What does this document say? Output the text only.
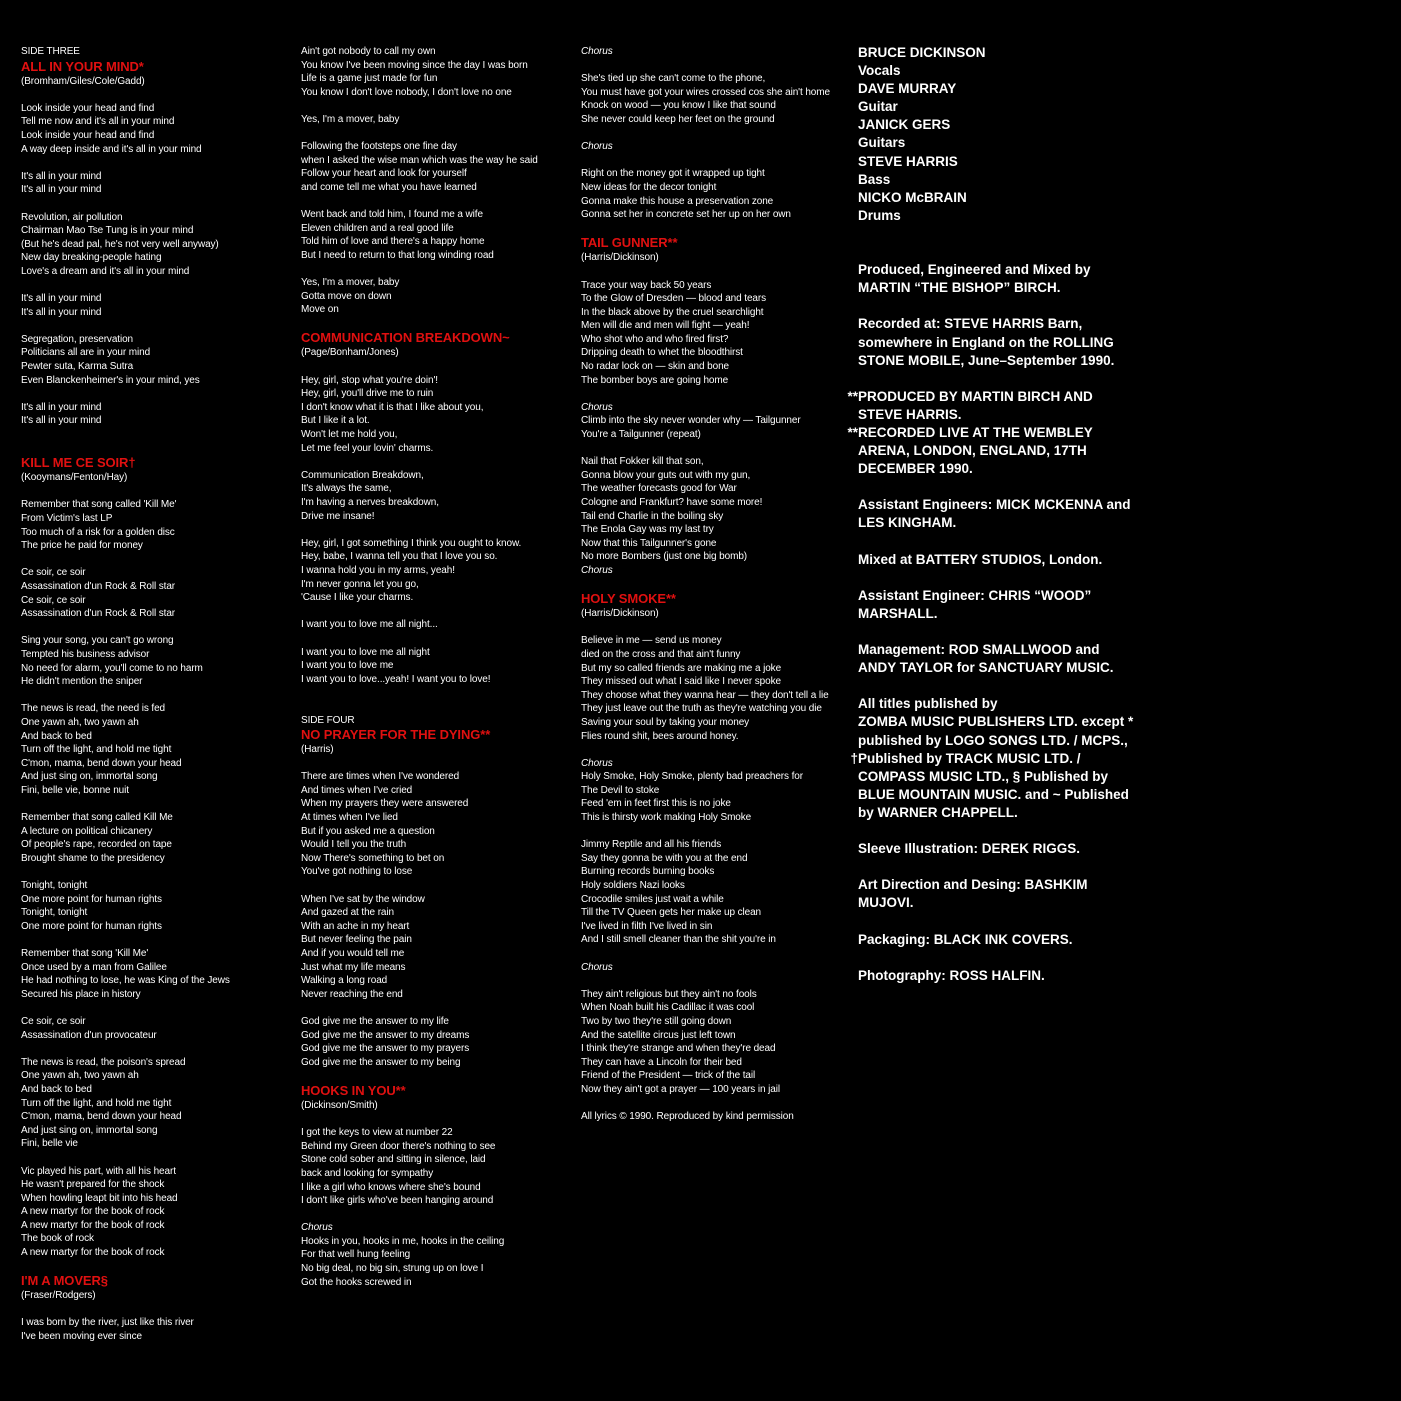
SIDE THREE
ALL IN YOUR MIND*
(Bromham/Giles/Cole/Gadd)
Look inside your head and find
Tell me now and it's all in your mind
Look inside your head and find
A way deep inside and it's all in your mind
It's all in your mind
It's all in your mind
Revolution, air pollution
Chairman Mao Tse Tung is in your mind
(But he's dead pal, he's not very well anyway)
New day breaking-people hating
Love's a dream and it's all in your mind
It's all in your mind
It's all in your mind
Segregation, preservation
Politicians all are in your mind
Pewter suta, Karma Sutra
Even Blanckenheimer's in your mind, yes
It's all in your mind
It's all in your mind
KILL ME CE SOIR†
(Kooymans/Fenton/Hay)
Remember that song called 'Kill Me'
From Victim's last LP
Too much of a risk for a golden disc
The price he paid for money
Ce soir, ce soir
Assassination d'un Rock & Roll star
Ce soir, ce soir
Assassination d'un Rock & Roll star
Sing your song, you can't go wrong
Tempted his business advisor
No need for alarm, you'll come to no harm
He didn't mention the sniper
The news is read, the need is fed
One yawn ah, two yawn ah
And back to bed
Turn off the light, and hold me tight
C'mon, mama, bend down your head
And just sing on, immortal song
Fini, belle vie, bonne nuit
Remember that song called Kill Me
A lecture on political chicanery
Of people's rape, recorded on tape
Brought shame to the presidency
Tonight, tonight
One more point for human rights
Tonight, tonight
One more point for human rights
Remember that song 'Kill Me'
Once used by a man from Galilee
He had nothing to lose, he was King of the Jews
Secured his place in history
Ce soir, ce soir
Assassination d'un provocateur
The news is read, the poison's spread
One yawn ah, two yawn ah
And back to bed
Turn off the light, and hold me tight
C'mon, mama, bend down your head
And just sing on, immortal song
Fini, belle vie
Vic played his part, with all his heart
He wasn't prepared for the shock
When howling leapt bit into his head
A new martyr for the book of rock
A new martyr for the book of rock
The book of rock
A new martyr for the book of rock
I'M A MOVER§
(Fraser/Rodgers)
I was born by the river, just like this river
I've been moving ever since
Ain't got nobody to call my own
You know I've been moving since the day I was born
Life is a game just made for fun
You know I don't love nobody, I don't love no one
Yes, I'm a mover, baby
Following the footsteps one fine day
when I asked the wise man which was the way he said
Follow your heart and look for yourself
and come tell me what you have learned
Went back and told him, I found me a wife
Eleven children and a real good life
Told him of love and there's a happy home
But I need to return to that long winding road
Yes, I'm a mover, baby
Gotta move on down
Move on
COMMUNICATION BREAKDOWN~
(Page/Bonham/Jones)
Hey, girl, stop what you're doin'!
Hey, girl, you'll drive me to ruin
I don't know what it is that I like about you,
But I like it a lot.
Won't let me hold you,
Let me feel your lovin' charms.
Communication Breakdown,
It's always the same,
I'm having a nerves breakdown,
Drive me insane!
Hey, girl, I got something I think you ought to know.
Hey, babe, I wanna tell you that I love you so.
I wanna hold you in my arms, yeah!
I'm never gonna let you go,
'Cause I like your charms.
I want you to love me all night...
I want you to love me all night
I want you to love me
I want you to love...yeah! I want you to love!
SIDE FOUR
NO PRAYER FOR THE DYING**
(Harris)
There are times when I've wondered
And times when I've cried
When my prayers they were answered
At times when I've lied
But if you asked me a question
Would I tell you the truth
Now There's something to bet on
You've got nothing to lose
When I've sat by the window
And gazed at the rain
With an ache in my heart
But never feeling the pain
And if you would tell me
Just what my life means
Walking a long road
Never reaching the end
God give me the answer to my life
God give me the answer to my dreams
God give me the answer to my prayers
God give me the answer to my being
HOOKS IN YOU**
(Dickinson/Smith)
I got the keys to view at number 22
Behind my Green door there's nothing to see
Stone cold sober and sitting in silence, laid
back and looking for sympathy
I like a girl who knows where she's bound
I don't like girls who've been hanging around
Chorus
Hooks in you, hooks in me, hooks in the ceiling
For that well hung feeling
No big deal, no big sin, strung up on love I
Got the hooks screwed in
Chorus
She's tied up she can't come to the phone,
You must have got your wires crossed cos she ain't home
Knock on wood — you know I like that sound
She never could keep her feet on the ground
Chorus
Right on the money got it wrapped up tight
New ideas for the decor tonight
Gonna make this house a preservation zone
Gonna set her in concrete set her up on her own
TAIL GUNNER**
(Harris/Dickinson)
Trace your way back 50 years
To the Glow of Dresden — blood and tears
In the black above by the cruel searchlight
Men will die and men will fight — yeah!
Who shot who and who fired first?
Dripping death to whet the bloodthirst
No radar lock on — skin and bone
The bomber boys are going home
Chorus
Climb into the sky never wonder why — Tailgunner
You're a Tailgunner (repeat)
Nail that Fokker kill that son,
Gonna blow your guts out with my gun,
The weather forecasts good for War
Cologne and Frankfurt? have some more!
Tail end Charlie in the boiling sky
The Enola Gay was my last try
Now that this Tailgunner's gone
No more Bombers (just one big bomb)
Chorus
HOLY SMOKE**
(Harris/Dickinson)
Believe in me — send us money
died on the cross and that ain't funny
But my so called friends are making me a joke
They missed out what I said like I never spoke
They choose what they wanna hear — they don't tell a lie
They just leave out the truth as they're watching you die
Saving your soul by taking your money
Flies round shit, bees around honey.
Chorus
Holy Smoke, Holy Smoke, plenty bad preachers for
The Devil to stoke
Feed 'em in feet first this is no joke
This is thirsty work making Holy Smoke
Jimmy Reptile and all his friends
Say they gonna be with you at the end
Burning records burning books
Holy soldiers Nazi looks
Crocodile smiles just wait a while
Till the TV Queen gets her make up clean
I've lived in filth I've lived in sin
And I still smell cleaner than the shit you're in
Chorus
They ain't religious but they ain't no fools
When Noah built his Cadillac it was cool
Two by two they're still going down
And the satellite circus just left town
I think they're strange and when they're dead
They can have a Lincoln for their bed
Friend of the President — trick of the tail
Now they ain't got a prayer — 100 years in jail
All lyrics © 1990. Reproduced by kind permission
BRUCE DICKINSON
Vocals
DAVE MURRAY
Guitar
JANICK GERS
Guitars
STEVE HARRIS
Bass
NICKO McBRAIN
Drums
Produced, Engineered and Mixed by
MARTIN “THE BISHOP” BIRCH.
Recorded at: STEVE HARRIS Barn,
somewhere in England on the ROLLING
STONE MOBILE, June–September 1990.
**PRODUCED BY MARTIN BIRCH AND
STEVE HARRIS.
**RECORDED LIVE AT THE WEMBLEY
ARENA, LONDON, ENGLAND, 17TH
DECEMBER 1990.
Assistant Engineers: MICK MCKENNA and
LES KINGHAM.
Mixed at BATTERY STUDIOS, London.
Assistant Engineer: CHRIS “WOOD”
MARSHALL.
Management: ROD SMALLWOOD and
ANDY TAYLOR for SANCTUARY MUSIC.
All titles published by
ZOMBA MUSIC PUBLISHERS LTD. except *
published by LOGO SONGS LTD. / MCPS.,
†Published by TRACK MUSIC LTD. /
COMPASS MUSIC LTD., § Published by
BLUE MOUNTAIN MUSIC. and ~ Published
by WARNER CHAPPELL.
Sleeve Illustration: DEREK RIGGS.
Art Direction and Desing: BASHKIM
MUJOVI.
Packaging: BLACK INK COVERS.
Photography: ROSS HALFIN.
